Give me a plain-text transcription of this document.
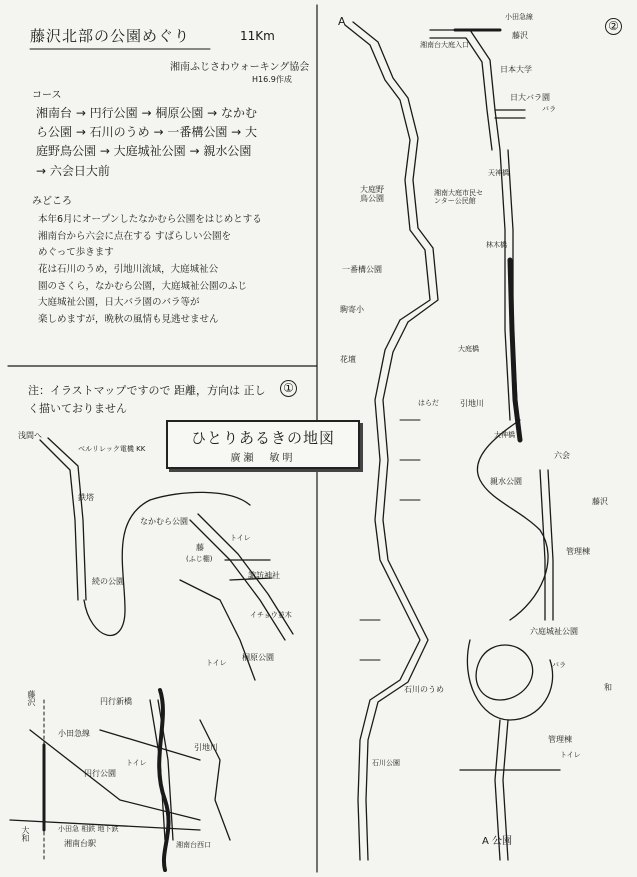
藤沢北部の公園めぐり	11Km
湘南ふじさわウォーキング協会
H16.9作成
コース
湘南台 → 円行公園 → 桐原公園 → なかむ
ら公園 → 石川のうめ → 一番構公園 → 大
庭野鳥公園 → 大庭城祉公園 → 親水公園
→ 六会日大前
みどころ
本年6月にオープンしたなかむら公園をはじめとする
湘南台から六会に点在する すばらしい公園を
めぐって歩きます
花は石川のうめ，引地川流域，大庭城祉公
園のさくら，なかむら公園，大庭城祉公園のふじ
大庭城祉公園，日大バラ園のバラ等が
楽しめますが，晩秋の風情も見逃せません
注：イラストマップですので 距離，方向は 正しく描いておりません
①
②
ひとりあるきの地図
廣瀬　敏明
浅間へ
ベルリレック電機 KK
鉄塔
続の公園
なかむら公園
藤
(ふじ棚)
諏訪神社
イチョウ並木
桐原公園
トイレ
トイレ
トイレ
円行新橋
円行公園
引地川
小田急線
藤沢
大和	小田急 相鉄 地下鉄
湘南台駅	湘南台西口
A	小田急線
藤沢
湘南台大庭入口
日本大学
日大バラ園
バラ
大庭野鳥公園
湘南大庭市民センター公民館
天神橋
一番構公園
駒寄小
花壇
はらだ
林木橋
大庭橋
引地川
大神橋
親水公園
管理棟
六庭城祉公園
石川のうめ
石川公園
バラ
管理棟
トイレ
A 公園
六会
藤沢
和
